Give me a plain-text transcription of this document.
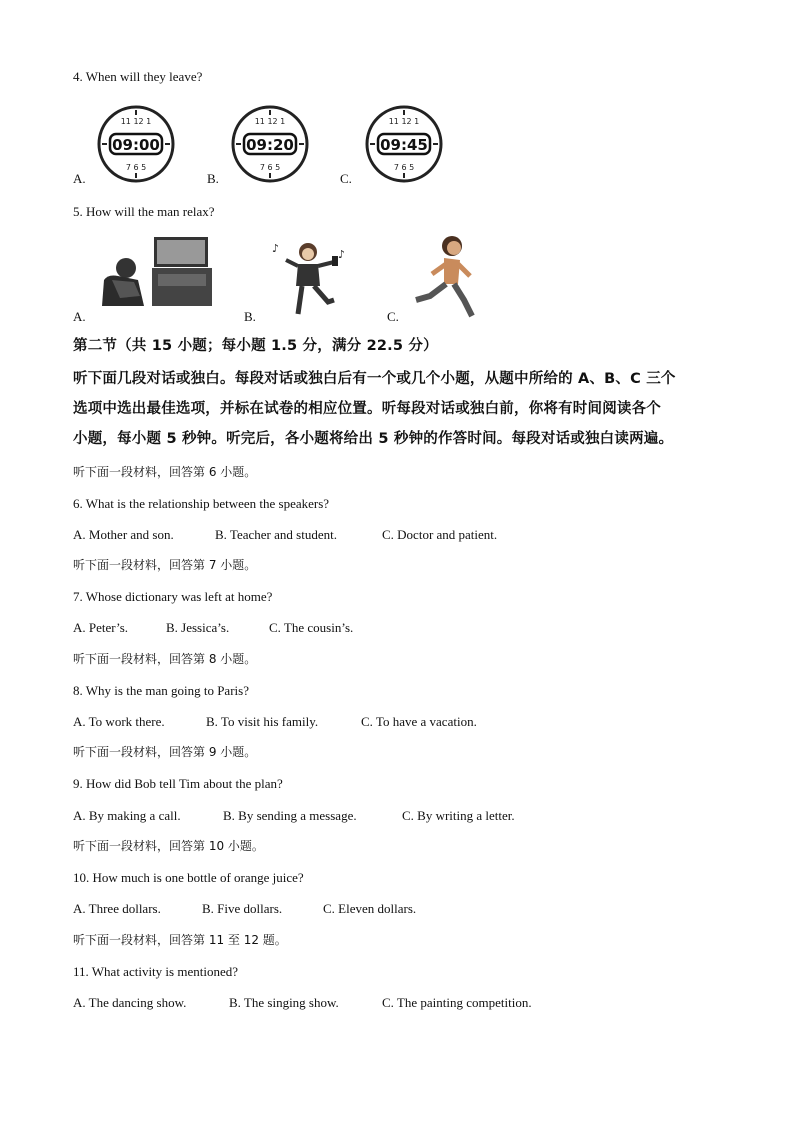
4. When will they leave?
11 12 1
7 6 5
09:00
A.
11 12 1
7 6 5
09:20
B.
11 12 1
7 6 5
09:45
C.
5. How will the man relax?
A.
♪	♪
B.	C.
第二节（共 15 小题；每小题 1.5 分，满分 22.5 分）
听下面几段对话或独白。每段对话或独白后有一个或几个小题，从题中所给的 A、B、C 三个
选项中选出最佳选项，并标在试卷的相应位置。听每段对话或独白前，你将有时间阅读各个
小题，每小题 5 秒钟。听完后，各小题将给出 5 秒钟的作答时间。每段对话或独白读两遍。
听下面一段材料，回答第 6 小题。
6. What is the relationship between the speakers?
A. Mother and son.	B. Teacher and student.	C. Doctor and patient.
听下面一段材料，回答第 7 小题。
7. Whose dictionary was left at home?
A. Peter’s.	B. Jessica’s.	C. The cousin’s.
听下面一段材料，回答第 8 小题。
8. Why is the man going to Paris?
A. To work there.	B. To visit his family.	C. To have a vacation.
听下面一段材料，回答第 9 小题。
9. How did Bob tell Tim about the plan?
A. By making a call.	B. By sending a message.	C. By writing a letter.
听下面一段材料，回答第 10 小题。
10. How much is one bottle of orange juice?
A. Three dollars.	B. Five dollars.	C. Eleven dollars.
听下面一段材料，回答第 11 至 12 题。
11. What activity is mentioned?
A. The dancing show.	B. The singing show.	C. The painting competition.
